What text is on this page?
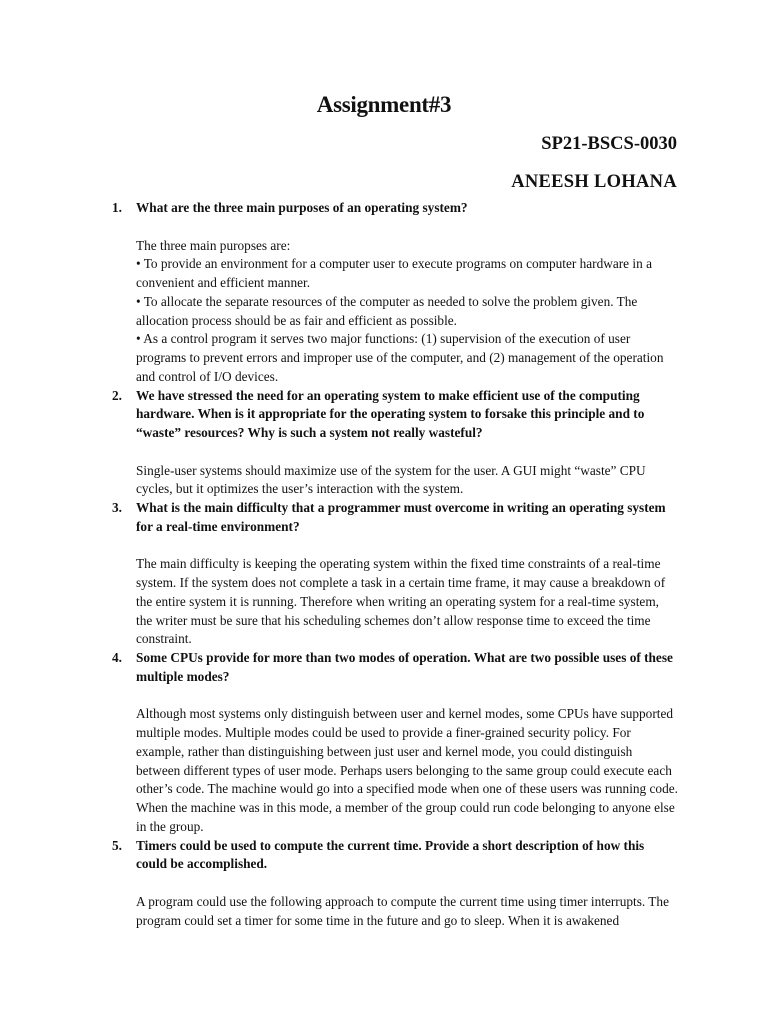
Assignment#3
SP21-BSCS-0030
ANEESH LOHANA
1.	What are the three main purposes of an operating system?

The three main puropses are:

• To provide an environment for a computer user to execute programs on computer hardware in a convenient and efficient manner.

• To allocate the separate resources of the computer as needed to solve the problem given. The allocation process should be as fair and efficient as possible.

• As a control program it serves two major functions: (1) supervision of the execution of user programs to prevent errors and improper use of the computer, and (2) management of the operation and control of I/O devices.

2.	We have stressed the need for an operating system to make efficient use of the computing hardware. When is it appropriate for the operating system to forsake this principle and to “waste” resources? Why is such a system not really wasteful?

Single-user systems should maximize use of the system for the user. A GUI might “waste” CPU cycles, but it optimizes the user’s interaction with the system.

3.	What is the main difficulty that a programmer must overcome in writing an operating system for a real-time environment?

The main difficulty is keeping the operating system within the fixed time constraints of a real-time system. If the system does not complete a task in a certain time frame, it may cause a breakdown of the entire system it is running. Therefore when writing an operating system for a real-time system, the writer must be sure that his scheduling schemes don’t allow response time to exceed the time constraint.

4.	Some CPUs provide for more than two modes of operation. What are two possible uses of these multiple modes?

Although most systems only distinguish between user and kernel modes, some CPUs have supported multiple modes. Multiple modes could be used to provide a finer-grained security policy. For example, rather than distinguishing between just user and kernel mode, you could distinguish between different types of user mode. Perhaps users belonging to the same group could execute each other’s code. The machine would go into a specified mode when one of these users was running code. When the machine was in this mode, a member of the group could run code belonging to anyone else in the group.

5.	Timers could be used to compute the current time. Provide a short description of how this could be accomplished.

A program could use the following approach to compute the current time using timer interrupts. The program could set a timer for some time in the future and go to sleep. When it is awakened
